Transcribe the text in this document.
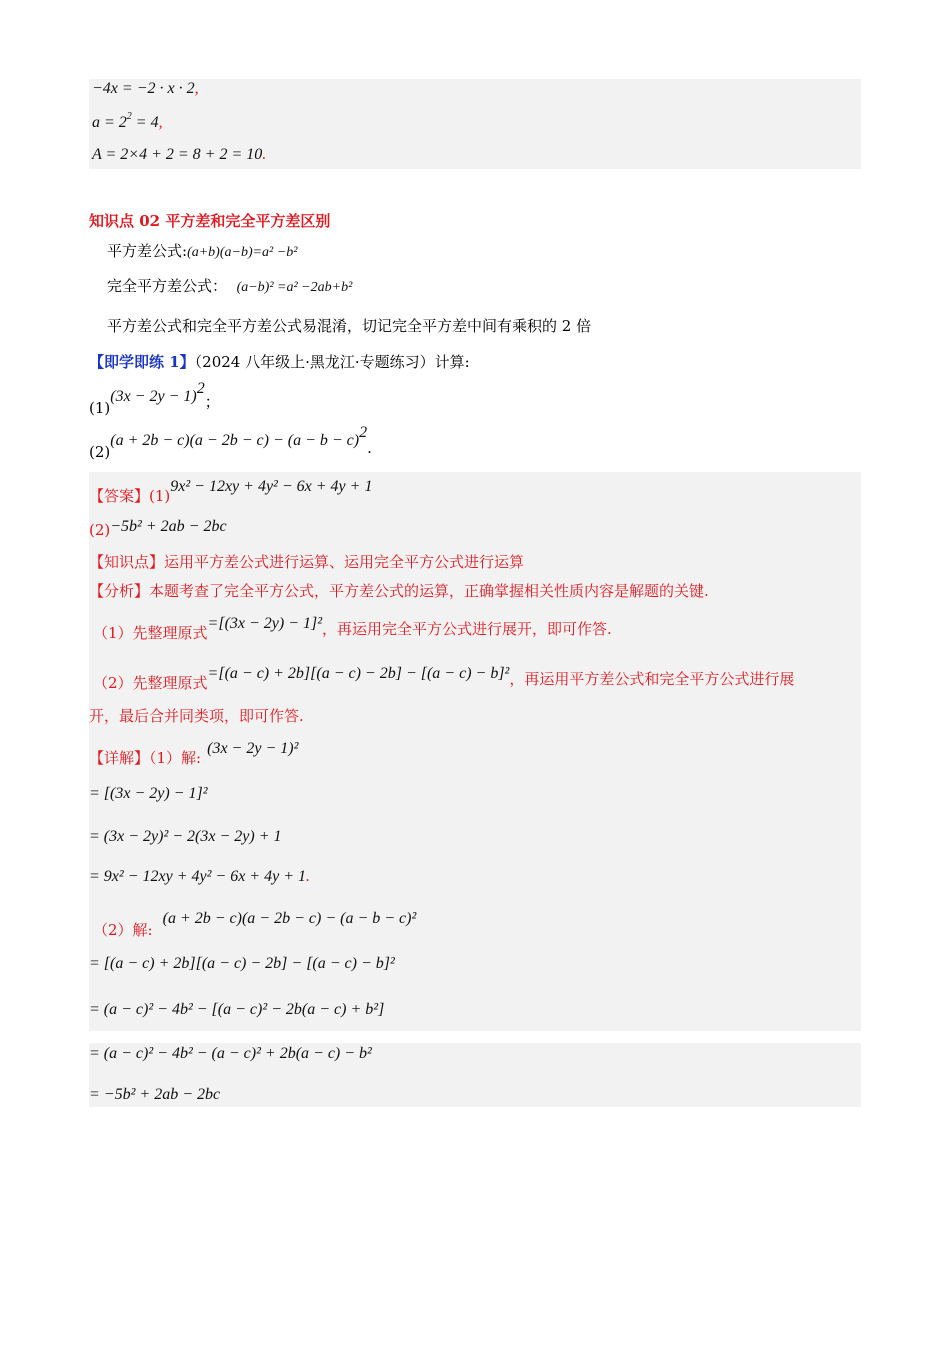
−4x = −2 · x · 2,
$a = 2^2 = 4$,
A = 2×4 + 2 = 8 + 2 = 10.
知识点 02 平方差和完全平方差区别
平方差公式:(a+b)(a−b)=a² −b²
完全平方差公式： (a−b)² =a² −2ab+b²
平方差公式和完全平方差公式易混淆，切记完全平方差中间有乘积的 2 倍
【即学即练 1】（2024 八年级上·黑龙江·专题练习）计算:
$(1)(3x - 2y - 1)^2$；
$(2)(a + 2b - c)(a - 2b - c) - (a - b - c)^2$.
【答案】(1)9x² − 12xy + 4y² − 6x + 4y + 1
(2)−5b² + 2ab − 2bc
【知识点】运用平方差公式进行运算、运用完全平方公式进行运算
【分析】本题考查了完全平方公式，平方差公式的运算，正确掌握相关性质内容是解题的关键.
（1）先整理原式=[(3x − 2y) − 1]²，再运用完全平方公式进行展开，即可作答.
（2）先整理原式=[(a − c) + 2b][(a − c) − 2b] − [(a − c) − b]²，再运用平方差公式和完全平方公式进行展
开，最后合并同类项，即可作答.
【详解】（1）解:(3x − 2y − 1)²
= [(3x − 2y) − 1]²
= (3x − 2y)² − 2(3x − 2y) + 1
= 9x² − 12xy + 4y² − 6x + 4y + 1.
（2）解:(a + 2b − c)(a − 2b − c) − (a − b − c)²
= [(a − c) + 2b][(a − c) − 2b] − [(a − c) − b]²
= (a − c)² − 4b² − [(a − c)² − 2b(a − c) + b²]
= (a − c)² − 4b² − (a − c)² + 2b(a − c) − b²
= −5b² + 2ab − 2bc
